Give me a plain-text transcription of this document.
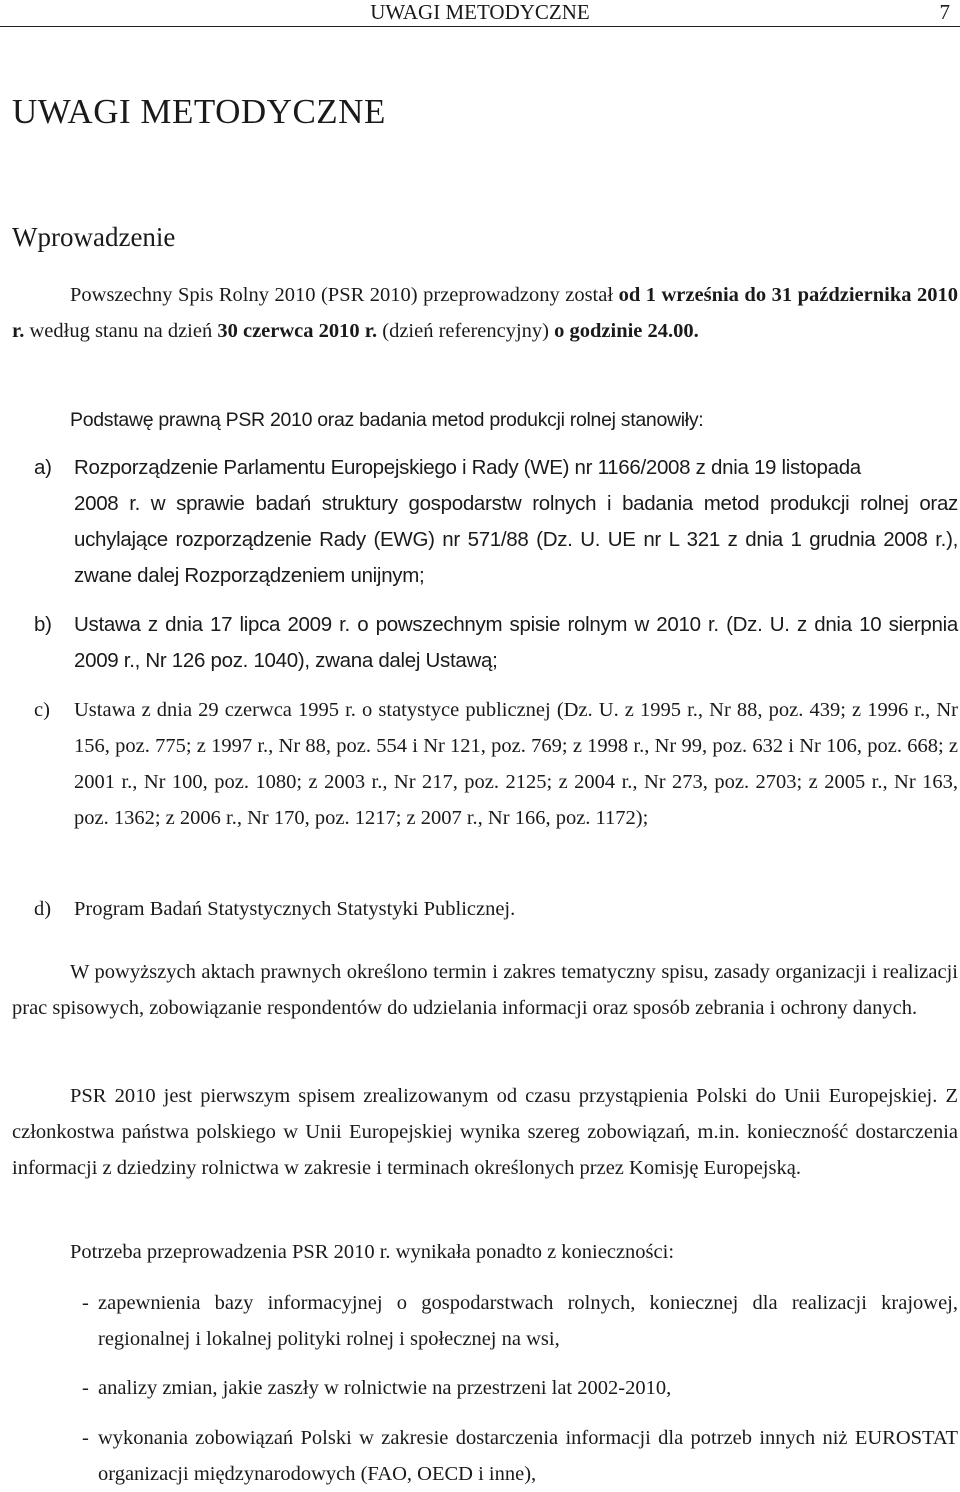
UWAGI METODYCZNE	7
UWAGI METODYCZNE
Wprowadzenie

Powszechny Spis Rolny 2010 (PSR 2010) przeprowadzony został od 1 września do 31 października 2010 r. według stanu na dzień 30 czerwca 2010 r. (dzień referencyjny) o godzinie 24.00.

Podstawę prawną PSR 2010 oraz badania metod produkcji rolnej stanowiły:

a)	Rozporządzenie Parlamentu Europejskiego i Rady (WE) nr 1166/2008 z dnia 19 listopada
2008 r. w sprawie badań struktury gospodarstw rolnych i badania metod produkcji rolnej oraz uchylające rozporządzenie Rady (EWG) nr 571/88 (Dz. U. UE nr L 321 z dnia 1 grudnia 2008 r.), zwane dalej Rozporządzeniem unijnym;
b)	Ustawa z dnia 17 lipca 2009 r. o powszechnym spisie rolnym w 2010 r. (Dz. U. z dnia 10 sierpnia 2009 r., Nr 126 poz. 1040), zwana dalej Ustawą;
c)	Ustawa z dnia 29 czerwca 1995 r. o statystyce publicznej (Dz. U. z 1995 r., Nr 88, poz. 439; z 1996 r., Nr 156, poz. 775; z 1997 r., Nr 88, poz. 554 i Nr 121, poz. 769; z 1998 r., Nr 99, poz. 632 i Nr 106, poz. 668; z 2001 r., Nr 100, poz. 1080; z 2003 r., Nr 217, poz. 2125; z 2004 r., Nr 273, poz. 2703; z 2005 r., Nr 163, poz. 1362; z 2006 r., Nr 170, poz. 1217; z 2007 r., Nr 166, poz. 1172);
d)	Program Badań Statystycznych Statystyki Publicznej.

W powyższych aktach prawnych określono termin i zakres tematyczny spisu, zasady organizacji i realizacji prac spisowych, zobowiązanie respondentów do udzielania informacji oraz sposób zebrania i ochrony danych.

PSR 2010 jest pierwszym spisem zrealizowanym od czasu przystąpienia Polski do Unii Europejskiej. Z członkostwa państwa polskiego w Unii Europejskiej wynika szereg zobowiązań, m.in. konieczność dostarczenia informacji z dziedziny rolnictwa w zakresie i terminach określonych przez Komisję Europejską.

Potrzeba przeprowadzenia PSR 2010 r. wynikała ponadto z konieczności:

- zapewnienia bazy informacyjnej o gospodarstwach rolnych, koniecznej dla realizacji krajowej, regionalnej i lokalnej polityki rolnej i społecznej na wsi,
- analizy zmian, jakie zaszły w rolnictwie na przestrzeni lat 2002-2010,
- wykonania zobowiązań Polski w zakresie dostarczenia informacji dla potrzeb innych niż EUROSTAT organizacji międzynarodowych (FAO, OECD i inne),
